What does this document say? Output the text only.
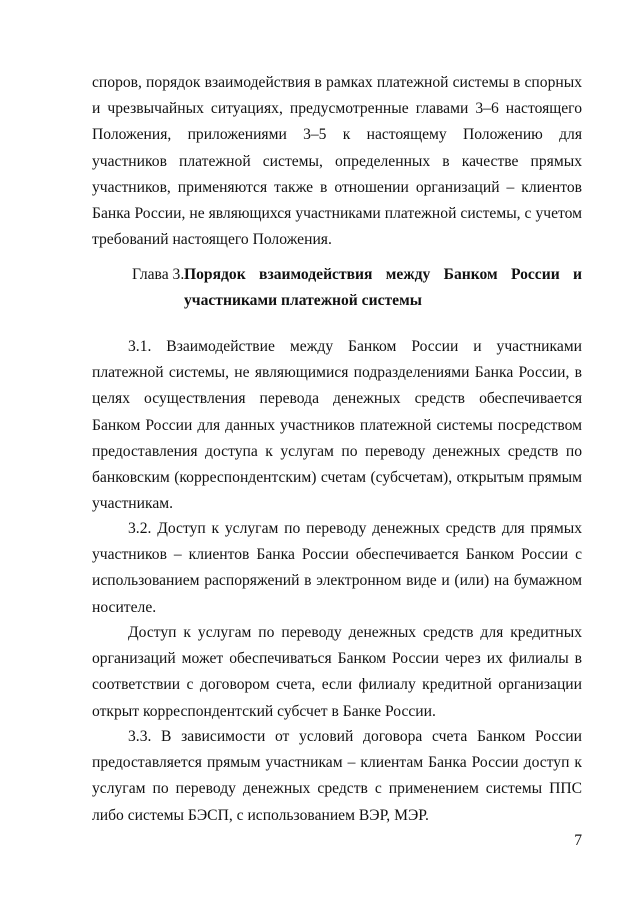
споров, порядок взаимодействия в рамках платежной системы в спорных и чрезвычайных ситуациях, предусмотренные главами 3–6 настоящего Положения, приложениями 3–5 к настоящему Положению для участников платежной системы, определенных в качестве прямых участников, применяются также в отношении организаций – клиентов Банка России, не являющихся участниками платежной системы, с учетом требований настоящего Положения.

Глава 3. Порядок взаимодействия между Банком России и участниками платежной системы

3.1. Взаимодействие между Банком России и участниками платежной системы, не являющимися подразделениями Банка России, в целях осуществления перевода денежных средств обеспечивается Банком России для данных участников платежной системы посредством предоставления доступа к услугам по переводу денежных средств по банковским (корреспондентским) счетам (субсчетам), открытым прямым участникам.

3.2. Доступ к услугам по переводу денежных средств для прямых участников – клиентов Банка России обеспечивается Банком России с использованием распоряжений в электронном виде и (или) на бумажном носителе.

Доступ к услугам по переводу денежных средств для кредитных организаций может обеспечиваться Банком России через их филиалы в соответствии с договором счета, если филиалу кредитной организации открыт корреспондентский субсчет в Банке России.

3.3. В зависимости от условий договора счета Банком России предоставляется прямым участникам – клиентам Банка России доступ к услугам по переводу денежных средств с применением системы ППС либо системы БЭСП, с использованием ВЭР, МЭР.

7
